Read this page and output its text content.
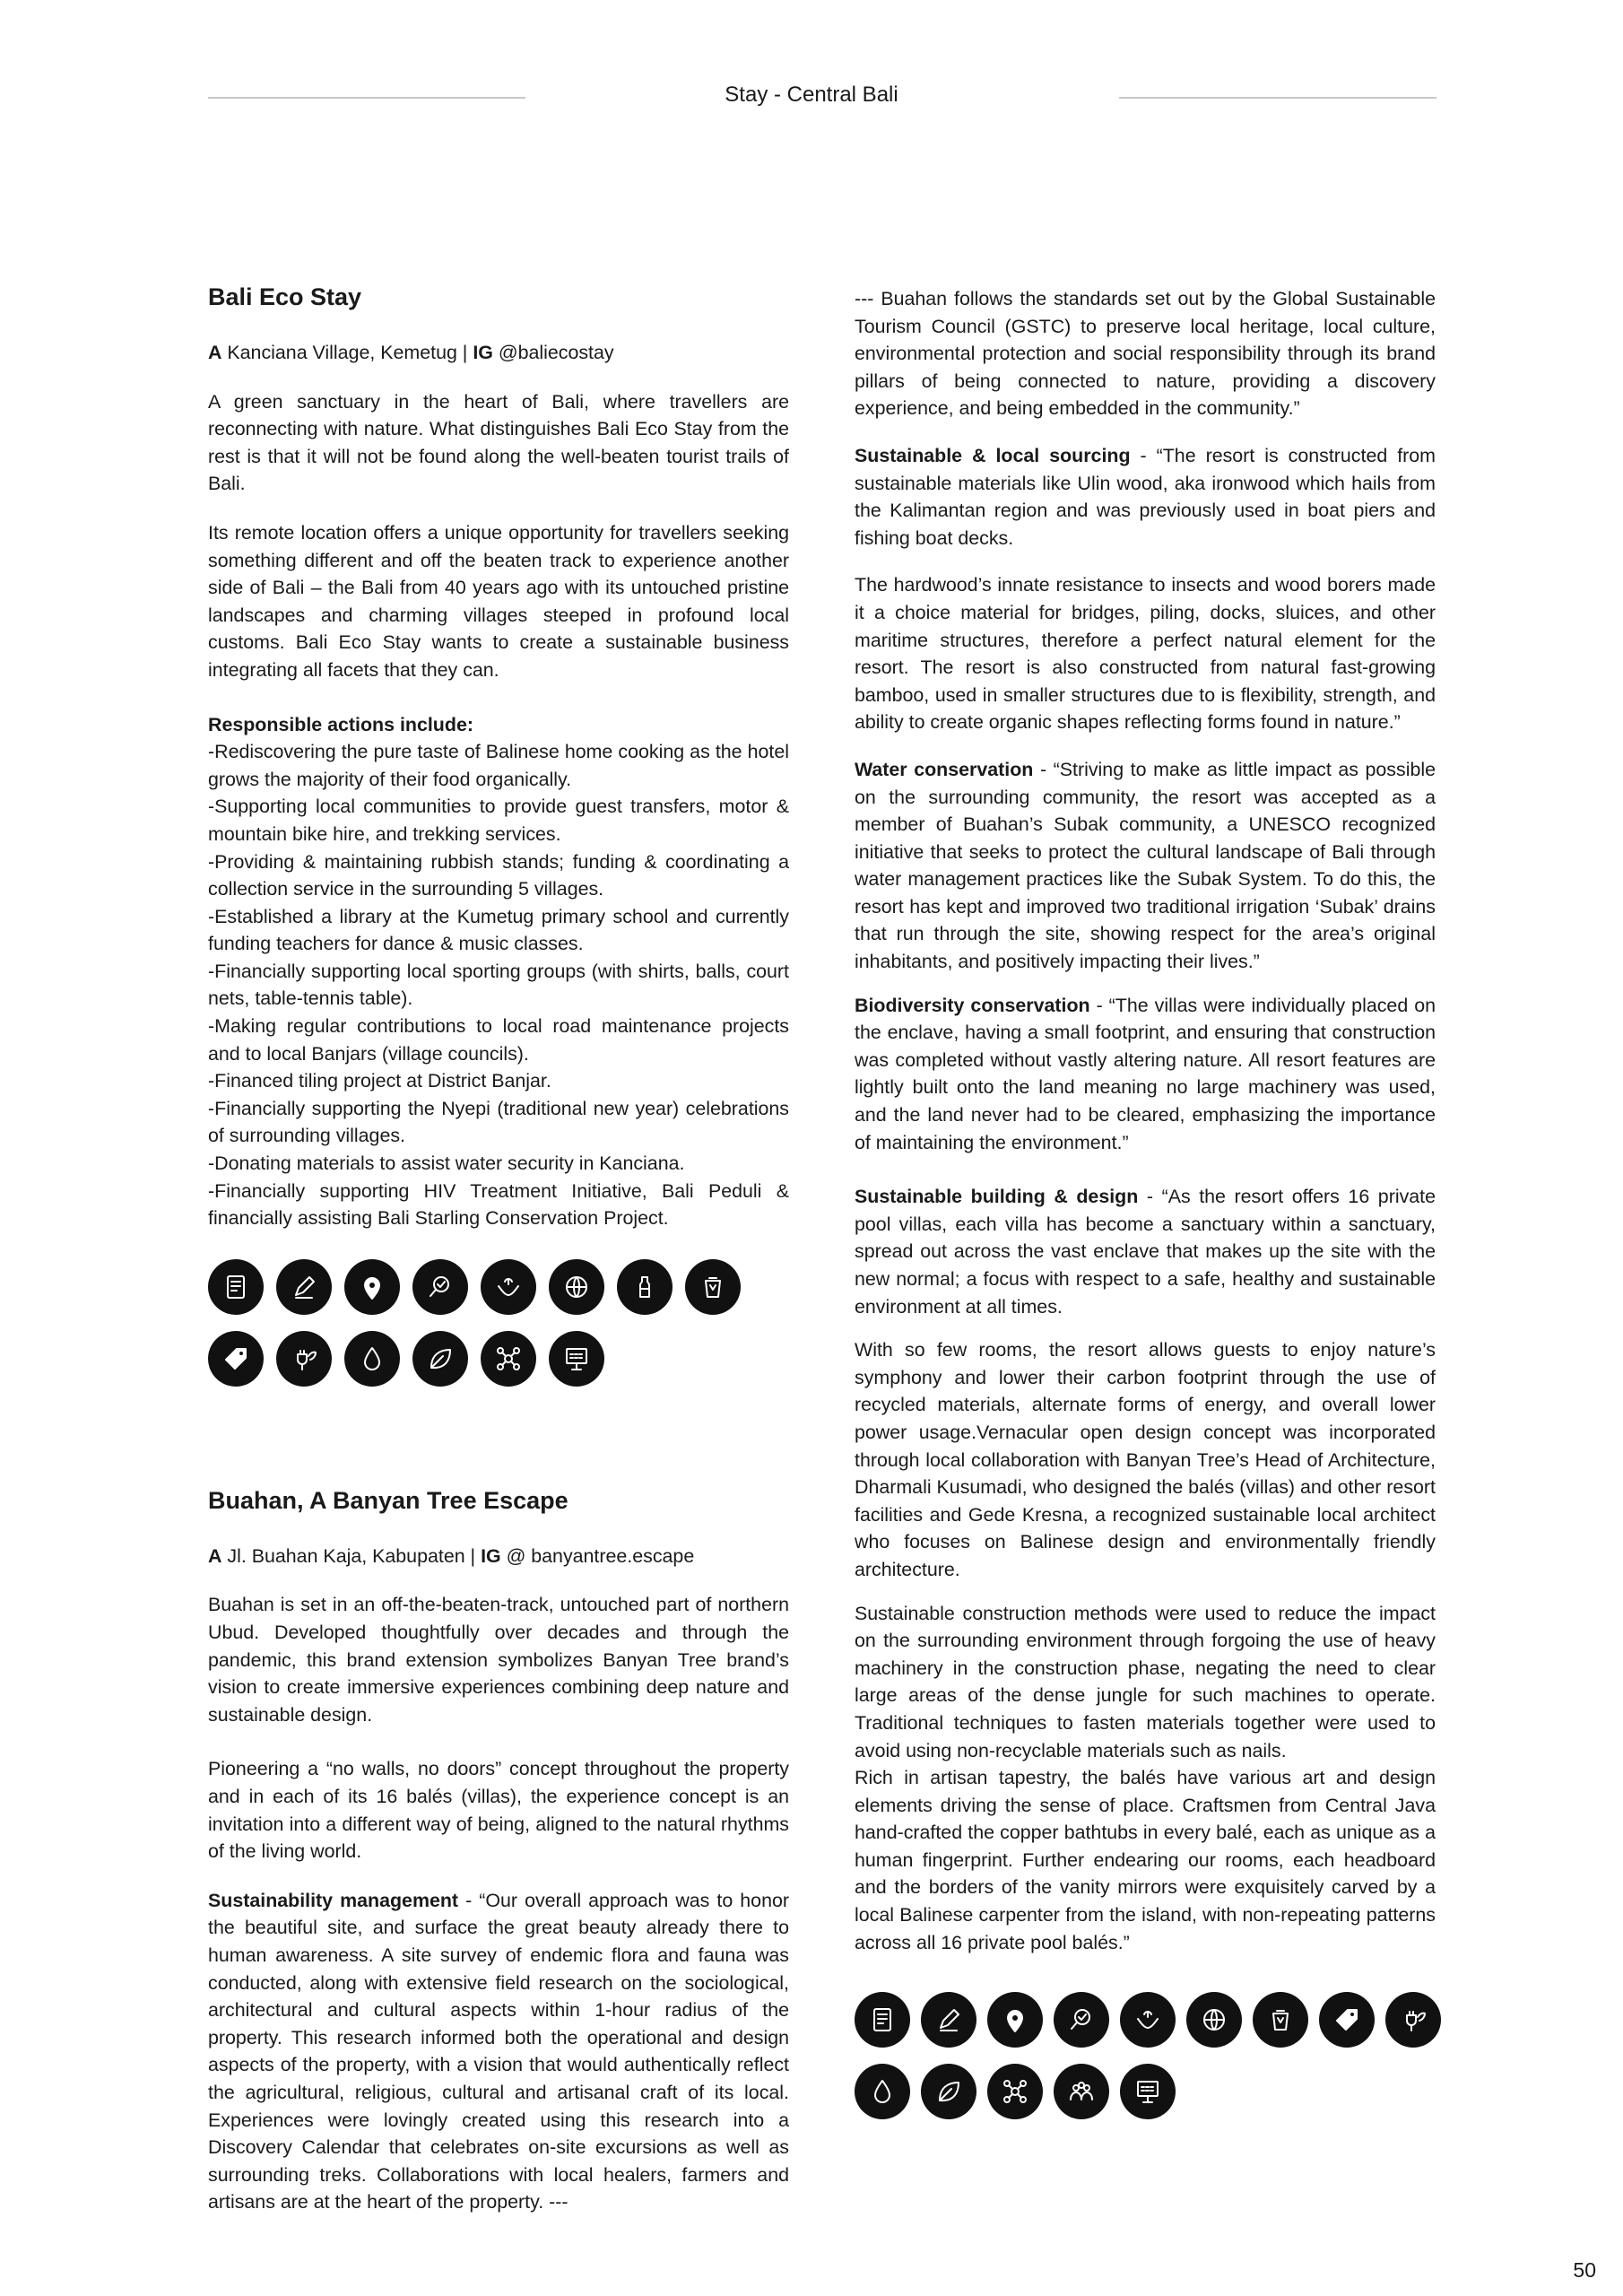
Stay - Central Bali
Bali Eco Stay

A Kanciana Village, Kemetug | IG @baliecostay

A green sanctuary in the heart of Bali, where travellers are reconnecting with nature. What distinguishes Bali Eco Stay from the rest is that it will not be found along the well-beaten tourist trails of Bali.

Its remote location offers a unique opportunity for travellers seeking something different and off the beaten track to experience another side of Bali – the Bali from 40 years ago with its untouched pristine landscapes and charming villages steeped in profound local customs. Bali Eco Stay wants to create a sustainable business integrating all facets that they can.

Responsible actions include:
-Rediscovering the pure taste of Balinese home cooking as the hotel grows the majority of their food organically.
-Supporting local communities to provide guest transfers, motor & mountain bike hire, and trekking services.
-Providing & maintaining rubbish stands; funding & coordinating a collection service in the surrounding 5 villages.
-Established a library at the Kumetug primary school and currently funding teachers for dance & music classes.
-Financially supporting local sporting groups (with shirts, balls, court nets, table-tennis table).
-Making regular contributions to local road maintenance projects and to local Banjars (village councils).
-Financed tiling project at District Banjar.
-Financially supporting the Nyepi (traditional new year) celebrations of surrounding villages.
-Donating materials to assist water security in Kanciana.
-Financially supporting HIV Treatment Initiative, Bali Peduli & financially assisting Bali Starling Conservation Project.
Buahan, A Banyan Tree Escape

A Jl. Buahan Kaja, Kabupaten | IG @ banyantree.escape

Buahan is set in an off-the-beaten-track, untouched part of northern Ubud. Developed thoughtfully over decades and through the pandemic, this brand extension symbolizes Banyan Tree brand’s vision to create immersive experiences combining deep nature and sustainable design.

Pioneering a “no walls, no doors” concept throughout the property and in each of its 16 balés (villas), the experience concept is an invitation into a different way of being, aligned to the natural rhythms of the living world.

Sustainability management - “Our overall approach was to honor the beautiful site, and surface the great beauty already there to human awareness. A site survey of endemic flora and fauna was conducted, along with extensive field research on the sociological, architectural and cultural aspects within 1-hour radius of the property. This research informed both the operational and design aspects of the property, with a vision that would authentically reflect the agricultural, religious, cultural and artisanal craft of its local. Experiences were lovingly created using this research into a Discovery Calendar that celebrates on-site excursions as well as surrounding treks. Collaborations with local healers, farmers and artisans are at the heart of the property. ---

--- Buahan follows the standards set out by the Global Sustainable Tourism Council (GSTC) to preserve local heritage, local culture, environmental protection and social responsibility through its brand pillars of being connected to nature, providing a discovery experience, and being embedded in the community.”

Sustainable & local sourcing - “The resort is constructed from sustainable materials like Ulin wood, aka ironwood which hails from the Kalimantan region and was previously used in boat piers and fishing boat decks.

The hardwood’s innate resistance to insects and wood borers made it a choice material for bridges, piling, docks, sluices, and other maritime structures, therefore a perfect natural element for the resort. The resort is also constructed from natural fast-growing bamboo, used in smaller structures due to is flexibility, strength, and ability to create organic shapes reflecting forms found in nature.”

Water conservation - “Striving to make as little impact as possible on the surrounding community, the resort was accepted as a member of Buahan’s Subak community, a UNESCO recognized initiative that seeks to protect the cultural landscape of Bali through water management practices like the Subak System. To do this, the resort has kept and improved two traditional irrigation ‘Subak’ drains that run through the site, showing respect for the area’s original inhabitants, and positively impacting their lives.”

Biodiversity conservation - “The villas were individually placed on the enclave, having a small footprint, and ensuring that construction was completed without vastly altering nature. All resort features are lightly built onto the land meaning no large machinery was used, and the land never had to be cleared, emphasizing the importance of maintaining the environment.”

Sustainable building & design - “As the resort offers 16 private pool villas, each villa has become a sanctuary within a sanctuary, spread out across the vast enclave that makes up the site with the new normal; a focus with respect to a safe, healthy and sustainable environment at all times.

With so few rooms, the resort allows guests to enjoy nature’s symphony and lower their carbon footprint through the use of recycled materials, alternate forms of energy, and overall lower power usage.Vernacular open design concept was incorporated through local collaboration with Banyan Tree’s Head of Architecture, Dharmali Kusumadi, who designed the balés (villas) and other resort facilities and Gede Kresna, a recognized sustainable local architect who focuses on Balinese design and environmentally friendly architecture.

Sustainable construction methods were used to reduce the impact on the surrounding environment through forgoing the use of heavy machinery in the construction phase, negating the need to clear large areas of the dense jungle for such machines to operate. Traditional techniques to fasten materials together were used to avoid using non-recyclable materials such as nails.

Rich in artisan tapestry, the balés have various art and design elements driving the sense of place. Craftsmen from Central Java hand-crafted the copper bathtubs in every balé, each as unique as a human fingerprint. Further endearing our rooms, each headboard and the borders of the vanity mirrors were exquisitely carved by a local Balinese carpenter from the island, with non-repeating patterns across all 16 private pool balés.”

50
